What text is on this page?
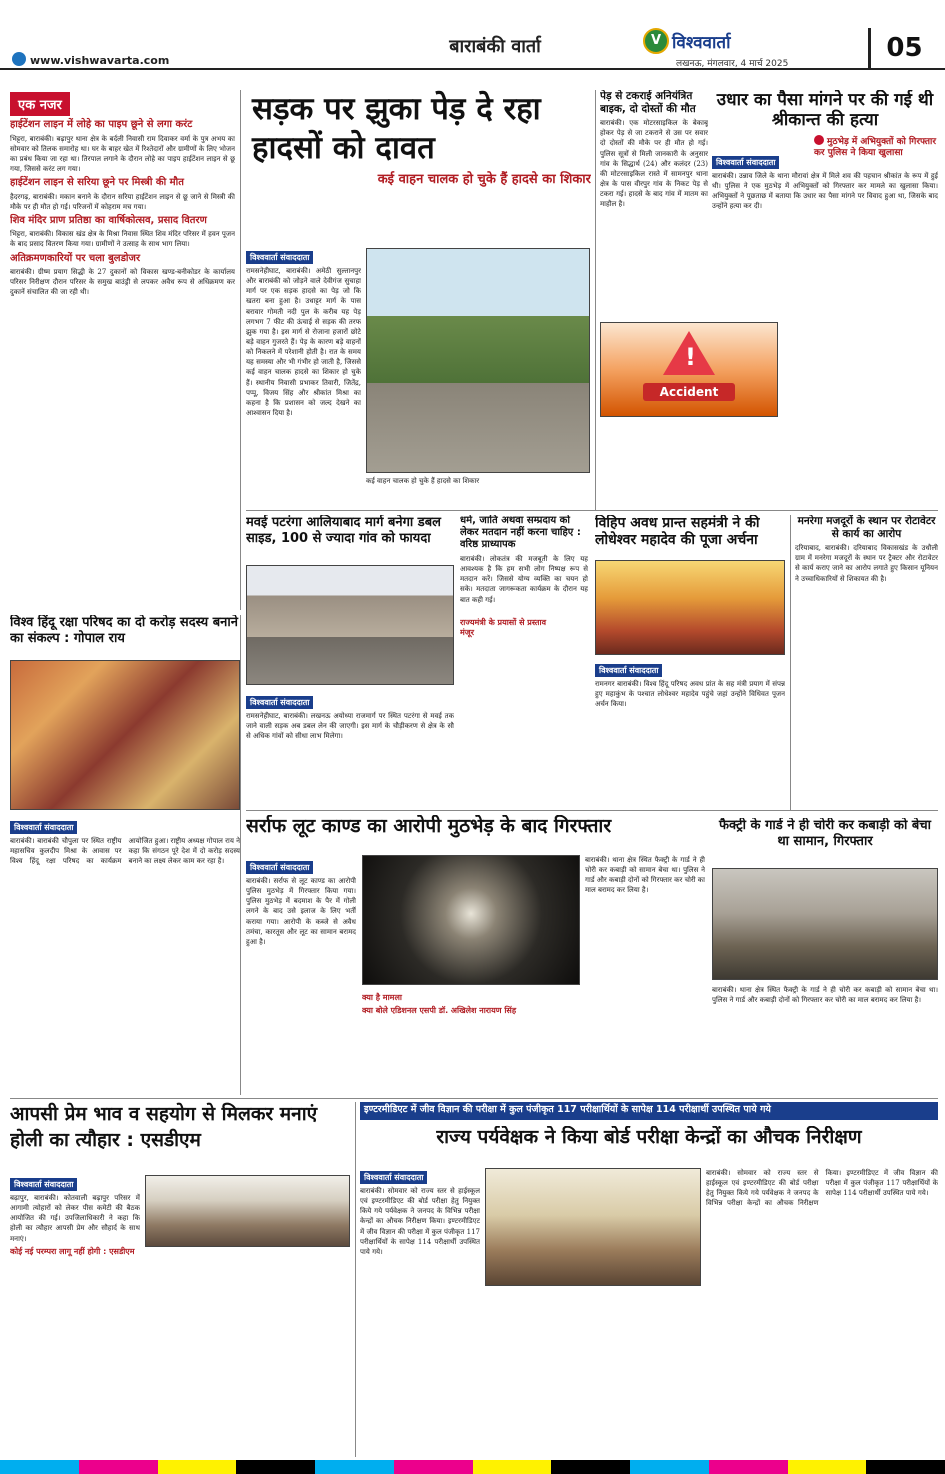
www.vishwavarta.com
बाराबंकी वार्ता	V विश्ववार्ता
लखनऊ, मंगलवार, 4 मार्च 2025
05
एक नजर
हाईटेंशन लाइन में लोहे का पाइप छूने से लगा करंट
भिट्टरा, बाराबंकी। बढ़ापुर थाना क्षेत्र के बर्दली निवासी राम दिवाकर वर्मा के पुत्र अभय का सोमवार को तिलक समारोह था। घर के बाहर खेत में रिश्तेदारों और ग्रामीणों के लिए भोजन का प्रबंध किया जा रहा था। तिरपाल लगाने के दौरान लोहे का पाइप हाईटेंशन लाइन से छू गया, जिससे करंट लग गया।
हाईटेंशन लाइन से सरिया छूने पर मिस्त्री की मौत
हैदरगढ़, बाराबंकी। मकान बनाने के दौरान सरिया हाईटेंशन लाइन से छू जाने से मिस्त्री की मौके पर ही मौत हो गई। परिजनों में कोहराम मच गया।
शिव मंदिर प्राण प्रतिष्ठा का वार्षिकोत्सव, प्रसाद वितरण
भिट्टरा, बाराबंकी। विकास खंड क्षेत्र के मिश्रा निवास स्थित शिव मंदिर परिसर में हवन पूजन के बाद प्रसाद वितरण किया गया। ग्रामीणों ने उत्साह के साथ भाग लिया।
अतिक्रमणकारियों पर चला बुलडोजर
बाराबंकी। ग्रीष्म प्रयाग सिद्धी के 27 दुकानों को विकास खण्ड-बनीकोडर के कार्यालय परिसर निरीक्षण दौरान परिसर के समुख बाउंड्री से लपकर अवैध रूप से अधिक्रमण कर दुकानें संचालित की जा रही थी।
सड़क पर झुका पेड़ दे रहा हादसों को दावत
कई वाहन चालक हो चुके हैं हादसे का शिकार
विश्ववार्ता संवाददाता
रामसनेहीघाट, बाराबंकी। अमेठी सुल्तानपुर और बाराबंकी को जोड़ने वाले देवीगंज सुचाहा मार्ग पर एक सड़क हादसे का पेड़ जो कि खतरा बना हुआ है। उधाट्टर मार्ग के पास बरावार गोमती नदी पुल के करीब यह पेड़ लगभग 7 फीट की ऊंचाई से सड़क की तरफ झुक गया है। इस मार्ग से रोजाना हजारों छोटे बड़े वाहन गुजरते हैं। पेड़ के कारण बड़े वाहनों को निकलने में परेशानी होती है। रात के समय यह समस्या और भी गंभीर हो जाती है, जिससे कई वाहन चालक हादसे का शिकार हो चुके हैं। स्थानीय निवासी प्रभाकर तिवारी, जितेंद्र, पप्पू, विजय सिंह और श्रीकांत मिश्रा का कहना है कि प्रशासन को जल्द देखने का आश्वासन दिया है।
कई वाहन चालक हो चुके हैं हादसे का शिकार
पेड़ से टकराई अनियंत्रित बाइक, दो दोस्तों की मौत
बाराबंकी। एक मोटरसाइकिल के बेकाबू होकर पेड़ से जा टकराने से उस पर सवार दो दोस्तों की मौके पर ही मौत हो गई। पुलिस सूत्रों से मिली जानकारी के अनुसार गांव के सिद्धार्थ (24) और कलंदर (23) की मोटरसाइकिल रास्ते में सामनपुर थाना क्षेत्र के पास वीरपुर गांव के निकट पेड़ से टकरा गई। हादसे के बाद गांव में मातम का माहौल है।
उधार का पैसा मांगने पर की गई थी श्रीकान्त की हत्या
मुठभेड़ में अभियुक्तों को गिरफ्तार कर पुलिस ने किया खुलासा
विश्ववार्ता संवाददाता
बाराबंकी। उन्नाव जिले के थाना मौरावां क्षेत्र में मिले शव की पहचान श्रीकांत के रूप में हुई थी। पुलिस ने एक मुठभेड़ में अभियुक्तों को गिरफ्तार कर मामले का खुलासा किया। अभियुक्तों ने पूछताछ में बताया कि उधार का पैसा मांगने पर विवाद हुआ था, जिसके बाद उन्होंने हत्या कर दी।
!
Accident
मवई पटरंगा आलियाबाद मार्ग बनेगा डबल साइड, 100 से ज्यादा गांव को फायदा
विश्ववार्ता संवाददाता
रामसनेहीघाट, बाराबंकी। लखनऊ अयोध्या राजमार्ग पर स्थित पटरंगा से मवई तक जाने वाली सड़क अब डबल लेन की जाएगी। इस मार्ग के चौड़ीकरण से क्षेत्र के सौ से अधिक गांवों को सीधा लाभ मिलेगा।
राज्यमंत्री के प्रयासों से प्रस्ताव मंजूर
धर्म, जाति अथवा सम्प्रदाय को लेकर मतदान नहीं करना चाहिए : वरिष्ठ प्राध्यापक
बाराबंकी। लोकतंत्र की मजबूती के लिए यह आवश्यक है कि हम सभी लोग निष्पक्ष रूप से मतदान करें। जिससे योग्य व्यक्ति का चयन हो सके। मतदाता जागरूकता कार्यक्रम के दौरान यह बात कही गई।
विहिप अवध प्रान्त सहमंत्री ने की लोधेश्वर महादेव की पूजा अर्चना
विश्ववार्ता संवाददाता
रामनगर बाराबंकी। विश्व हिंदू परिषद अवध प्रांत के सह मंत्री प्रयाग में संपन्न हुए महाकुंभ के पश्चात लोधेश्वर महादेव पहुंचे जहां उन्होंने विधिवत पूजन अर्चन किया।
मनरेगा मजदूरों के स्थान पर रोटावेटर से कार्य का आरोप
दरियाबाद, बाराबंकी। दरियाबाद विकासखंड के उधौली ग्राम में मनरेगा मजदूरों के स्थान पर ट्रैक्टर और रोटावेटर से कार्य कराए जाने का आरोप लगाते हुए किसान यूनियन ने उच्चाधिकारियों से शिकायत की है।
विश्व हिंदू रक्षा परिषद का दो करोड़ सदस्य बनाने का संकल्प : गोपाल राय
विश्ववार्ता संवाददाता
बाराबंकी। बाराबंकी चौपुला पर स्थित राष्ट्रीय महासचिव कुलदीप मिश्रा के आवास पर विश्व हिंदू रक्षा परिषद का कार्यक्रम आयोजित हुआ। राष्ट्रीय अध्यक्ष गोपाल राय ने कहा कि संगठन पूरे देश में दो करोड़ सदस्य बनाने का लक्ष्य लेकर काम कर रहा है।
सर्राफ लूट काण्ड का आरोपी मुठभेड़ के बाद गिरफ्तार
विश्ववार्ता संवाददाता
बाराबंकी। सर्राफ से लूट काण्ड का आरोपी पुलिस मुठभेड़ में गिरफ्तार किया गया। पुलिस मुठभेड़ में बदमाश के पैर में गोली लगने के बाद उसे इलाज के लिए भर्ती कराया गया। आरोपी के कब्जे से अवैध तमंचा, कारतूस और लूट का सामान बरामद हुआ है।
क्या है मामला
क्या बोले एडिशनल एसपी डॉ. अखिलेश नारायण सिंह
बाराबंकी। थाना क्षेत्र स्थित फैक्ट्री के गार्ड ने ही चोरी कर कबाड़ी को सामान बेचा था। पुलिस ने गार्ड और कबाड़ी दोनों को गिरफ्तार कर चोरी का माल बरामद कर लिया है।
फैक्ट्री के गार्ड ने ही चोरी कर कबाड़ी को बेचा था सामान, गिरफ्तार
बाराबंकी। थाना क्षेत्र स्थित फैक्ट्री के गार्ड ने ही चोरी कर कबाड़ी को सामान बेचा था। पुलिस ने गार्ड और कबाड़ी दोनों को गिरफ्तार कर चोरी का माल बरामद कर लिया है।
आपसी प्रेम भाव व सहयोग से मिलकर मनाएं होली का त्यौहार : एसडीएम
विश्ववार्ता संवाददाता
बढ़ापुर, बाराबंकी। कोतवाली बढ़ापुर परिसर में आगामी त्योहारों को लेकर पीस कमेटी की बैठक आयोजित की गई। उपजिलाधिकारी ने कहा कि होली का त्यौहार आपसी प्रेम और सौहार्द के साथ मनाएं।
कोई नई परम्परा लागू नहीं होगी : एसडीएम
इण्टरमीडिएट में जीव विज्ञान की परीक्षा में कुल पंजीकृत 117 परीक्षार्थियों के सापेक्ष 114 परीक्षार्थी उपस्थित पाये गये
राज्य पर्यवेक्षक ने किया बोर्ड परीक्षा केन्द्रों का औचक निरीक्षण
विश्ववार्ता संवाददाता
बाराबंकी। सोमवार को राज्य स्तर से हाईस्कूल एवं इण्टरमीडिएट की बोर्ड परीक्षा हेतु नियुक्त किये गये पर्यवेक्षक ने जनपद के विभिन्न परीक्षा केन्द्रों का औचक निरीक्षण किया। इण्टरमीडिएट में जीव विज्ञान की परीक्षा में कुल पंजीकृत 117 परीक्षार्थियों के सापेक्ष 114 परीक्षार्थी उपस्थित पाये गये।
बाराबंकी। सोमवार को राज्य स्तर से हाईस्कूल एवं इण्टरमीडिएट की बोर्ड परीक्षा हेतु नियुक्त किये गये पर्यवेक्षक ने जनपद के विभिन्न परीक्षा केन्द्रों का औचक निरीक्षण किया। इण्टरमीडिएट में जीव विज्ञान की परीक्षा में कुल पंजीकृत 117 परीक्षार्थियों के सापेक्ष 114 परीक्षार्थी उपस्थित पाये गये।
